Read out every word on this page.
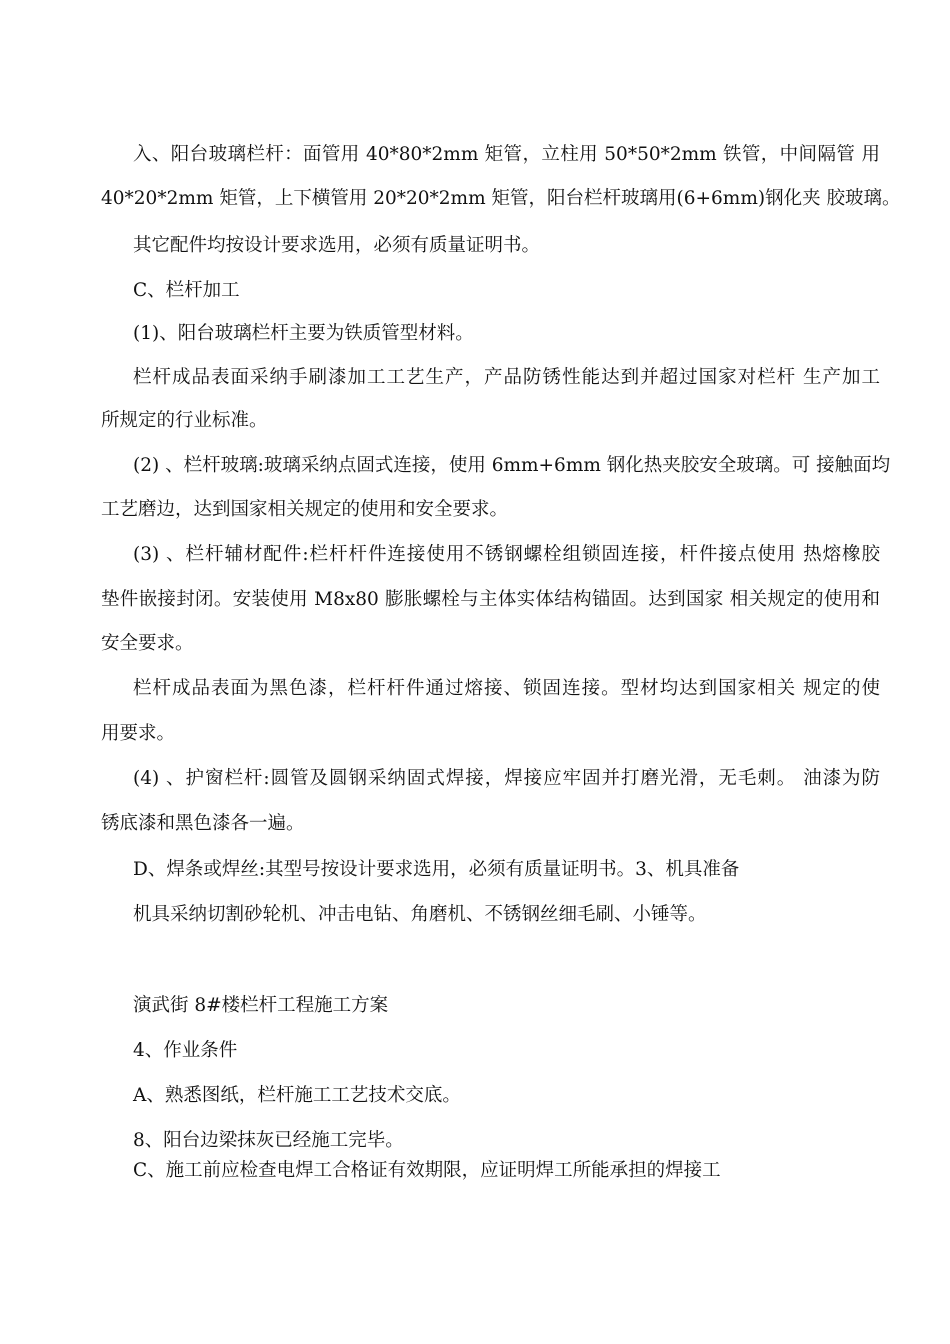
入、阳台玻璃栏杆：面管用 40*80*2mm 矩管，立柱用 50*50*2mm 铁管，中间隔管 用
40*20*2mm 矩管，上下横管用 20*20*2mm 矩管，阳台栏杆玻璃用(6+6mm)钢化夹 胶玻璃。
其它配件均按设计要求选用，必须有质量证明书。
C、栏杆加工
(1)、阳台玻璃栏杆主要为铁质管型材料。
栏杆成品表面采纳手刷漆加工工艺生产，产品防锈性能达到并超过国家对栏杆 生产加工
所规定的行业标准。
(2) 、栏杆玻璃:玻璃采纳点固式连接，使用 6mm+6mm 钢化热夹胶安全玻璃。可 接触面均
工艺磨边，达到国家相关规定的使用和安全要求。
(3) 、栏杆辅材配件:栏杆杆件连接使用不锈钢螺栓组锁固连接，杆件接点使用 热熔橡胶
垫件嵌接封闭。安装使用 M8x80 膨胀螺栓与主体实体结构锚固。达到国家 相关规定的使用和
安全要求。
栏杆成品表面为黑色漆，栏杆杆件通过熔接、锁固连接。型材均达到国家相关 规定的使
用要求。
(4) 、护窗栏杆:圆管及圆钢采纳固式焊接，焊接应牢固并打磨光滑，无毛刺。 油漆为防
锈底漆和黑色漆各一遍。
D、焊条或焊丝:其型号按设计要求选用，必须有质量证明书。3、机具准备
机具采纳切割砂轮机、冲击电钻、角磨机、不锈钢丝细毛刷、小锤等。
演武街 8#楼栏杆工程施工方案
4、作业条件
A、熟悉图纸，栏杆施工工艺技术交底。
8、阳台边梁抹灰已经施工完毕。
C、施工前应检查电焊工合格证有效期限，应证明焊工所能承担的焊接工
